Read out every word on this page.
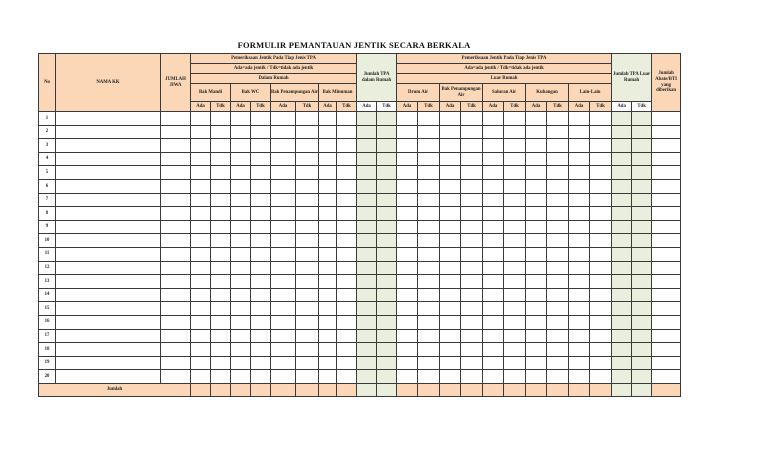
FORMULIR PEMANTAUAN JENTIK SECARA BERKALA
No	NAMA KK	JUMLAH JIWA	Pemeriksaan Jentik Pada Tiap Jenis TPA								Jumlah TPA dalam Rumah		Pemeriksaan Jentik Pada Tiap Jenis TPA										Jumlah TPA Luar Rumah		Jumlah Abate/BTI yang diberikan
			Ada=ada jentik / Tdk=tidak ada jentik										Ada=ada jentik / Tdk=tidak ada jentik												
			Dalam Rumah										Luar Rumah												
			Bak Mandi		Bak WC		Bak Penampungan Air		Bak Minuman				Drum Air		Bak Penampungan Air		Saluran Air		Kubangan		Lain-Lain				
			Ada	Tdk	Ada	Tdk	Ada	Tdk	Ada	Tdk	Ada	Tdk	Ada	Tdk	Ada	Tdk	Ada	Tdk	Ada	Tdk	Ada	Tdk	Ada	Tdk	
1																									
2																									
3																									
4																									
5																									
6																									
7																									
8																									
9																									
10																									
11																									
12																									
13																									
14																									
15																									
16																									
17																									
18																									
19																									
20																									
Jumlah																									
